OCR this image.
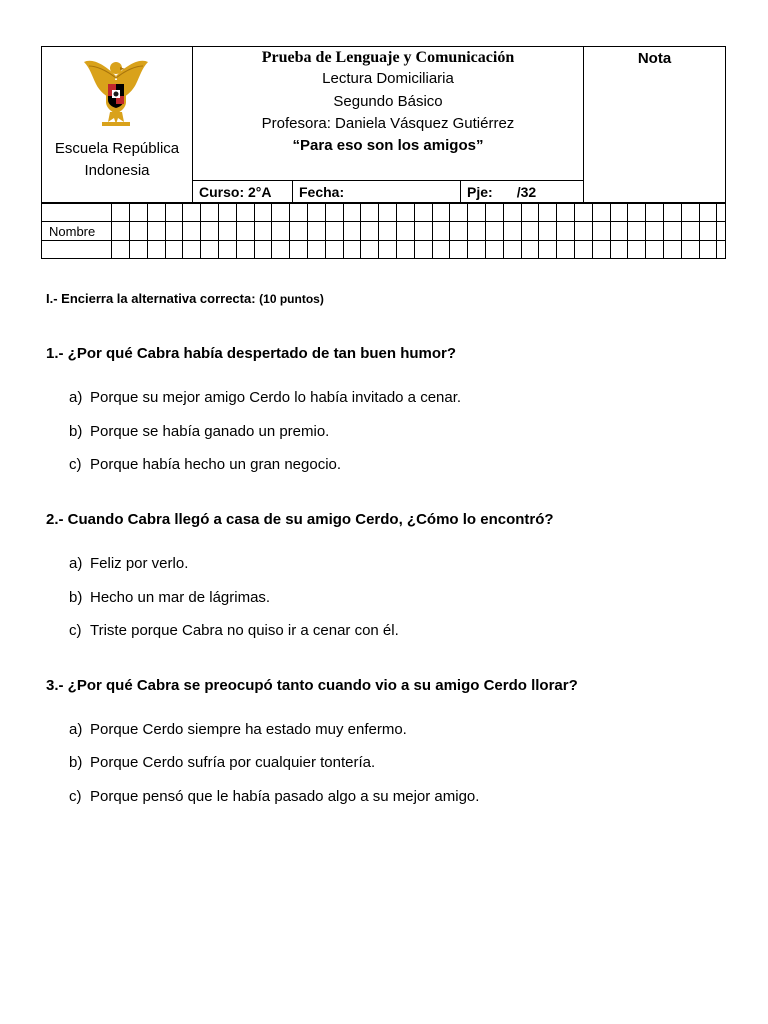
Escuela República
Indonesia
Prueba de Lenguaje y Comunicación
Lectura Domiciliaria
Segundo Básico
Profesora: Daniela Vásquez Gutiérrez
“Para eso son los amigos”
Nota
Curso: 2°A	Fecha:	Pje: /32
Nombre
I.- Encierra la alternativa correcta: (10 puntos)
1.- ¿Por qué Cabra había despertado de tan buen humor?
a) Porque su mejor amigo Cerdo lo había invitado a cenar.
b) Porque se había ganado un premio.
c) Porque había hecho un gran negocio.
2.- Cuando Cabra llegó a casa de su amigo Cerdo, ¿Cómo lo encontró?
a) Feliz por verlo.
b) Hecho un mar de lágrimas.
c) Triste porque Cabra no quiso ir a cenar con él.
3.- ¿Por qué Cabra se preocupó tanto cuando vio a su amigo Cerdo llorar?
a) Porque Cerdo siempre ha estado muy enfermo.
b) Porque Cerdo sufría por cualquier tontería.
c) Porque pensó que le había pasado algo a su mejor amigo.
